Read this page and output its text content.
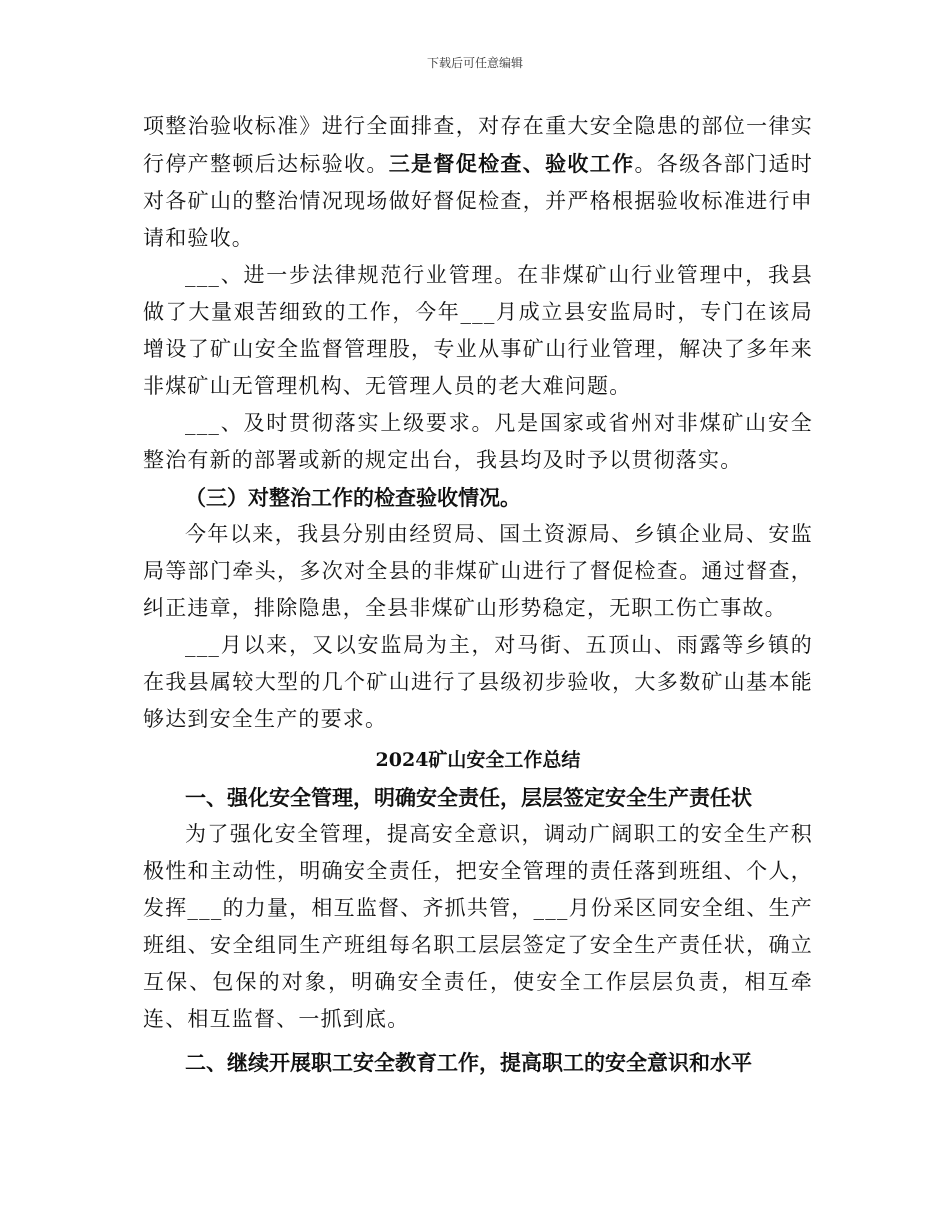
下载后可任意编辑

项整治验收标准》进行全面排查，对存在重大安全隐患的部位一律实行停产整顿后达标验收。三是督促检查、验收工作。各级各部门适时对各矿山的整治情况现场做好督促检查，并严格根据验收标准进行申请和验收。

___、进一步法律规范行业管理。在非煤矿山行业管理中，我县做了大量艰苦细致的工作，今年___月成立县安监局时，专门在该局增设了矿山安全监督管理股，专业从事矿山行业管理，解决了多年来非煤矿山无管理机构、无管理人员的老大难问题。

___、及时贯彻落实上级要求。凡是国家或省州对非煤矿山安全整治有新的部署或新的规定出台，我县均及时予以贯彻落实。

（三）对整治工作的检查验收情况。

今年以来，我县分别由经贸局、国土资源局、乡镇企业局、安监局等部门牵头，多次对全县的非煤矿山进行了督促检查。通过督查，纠正违章，排除隐患，全县非煤矿山形势稳定，无职工伤亡事故。

___月以来，又以安监局为主，对马街、五顶山、雨露等乡镇的在我县属较大型的几个矿山进行了县级初步验收，大多数矿山基本能够达到安全生产的要求。

2024矿山安全工作总结

一、强化安全管理，明确安全责任，层层签定安全生产责任状

为了强化安全管理，提高安全意识，调动广阔职工的安全生产积极性和主动性，明确安全责任，把安全管理的责任落到班组、个人，发挥___的力量，相互监督、齐抓共管，___月份采区同安全组、生产班组、安全组同生产班组每名职工层层签定了安全生产责任状，确立互保、包保的对象，明确安全责任，使安全工作层层负责，相互牵连、相互监督、一抓到底。

二、继续开展职工安全教育工作，提高职工的安全意识和水平
